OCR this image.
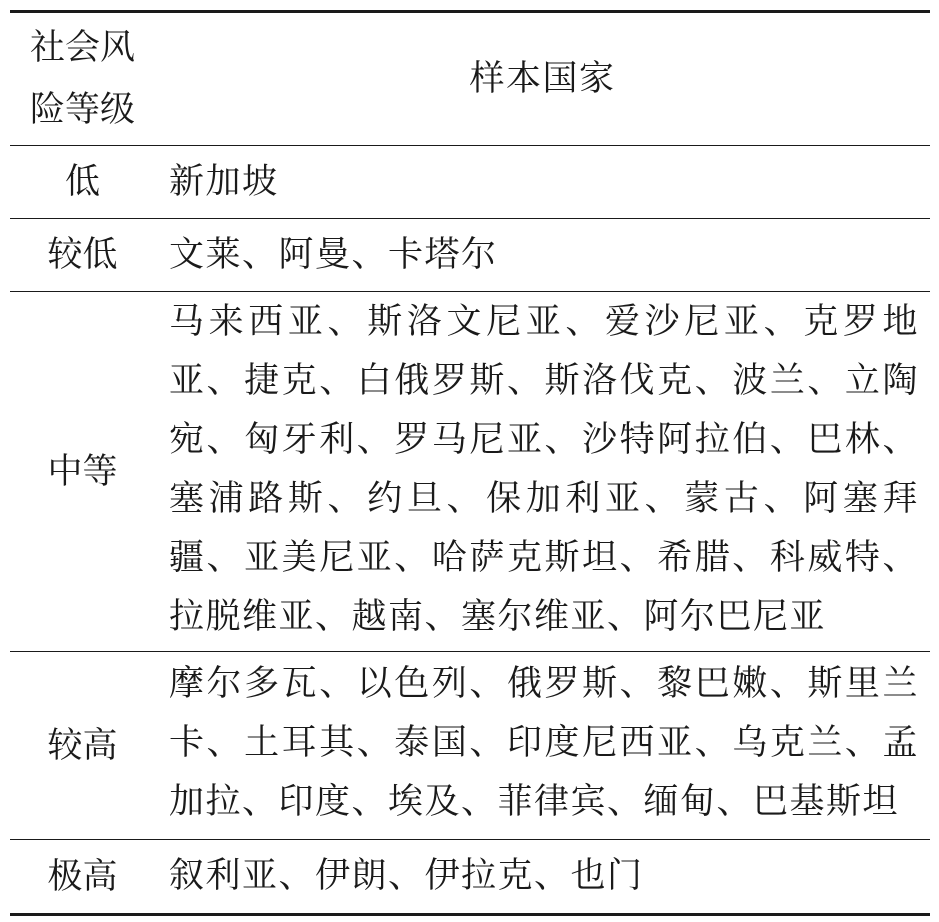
社会风险等级
样本国家
低 新加坡
较低 文莱、阿曼、卡塔尔
中等
马来西亚、斯洛文尼亚、爱沙尼亚、克罗地亚、捷克、白俄罗斯、斯洛伐克、波兰、立陶宛、匈牙利、罗马尼亚、沙特阿拉伯、巴林、塞浦路斯、约旦、保加利亚、蒙古、阿塞拜疆、亚美尼亚、哈萨克斯坦、希腊、科威特、拉脱维亚、越南、塞尔维亚、阿尔巴尼亚
较高
摩尔多瓦、以色列、俄罗斯、黎巴嫩、斯里兰卡、土耳其、泰国、印度尼西亚、乌克兰、孟加拉、印度、埃及、菲律宾、缅甸、巴基斯坦
极高 叙利亚、伊朗、伊拉克、也门
